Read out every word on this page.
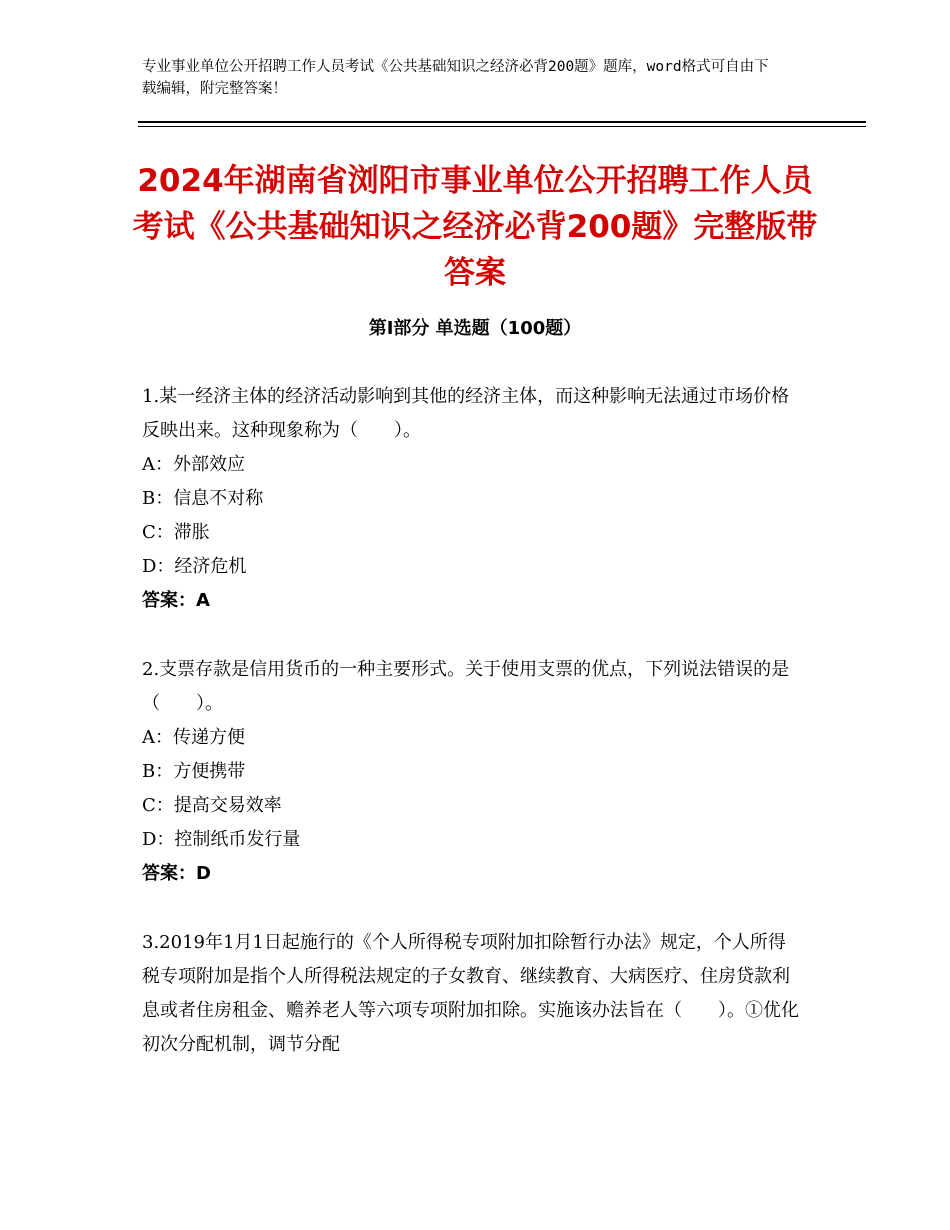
专业事业单位公开招聘工作人员考试《公共基础知识之经济必背200题》题库，word格式可自由下载编辑，附完整答案！

2024年湖南省浏阳市事业单位公开招聘工作人员考试《公共基础知识之经济必背200题》完整版带答案
第I部分 单选题（100题）

1.某一经济主体的经济活动影响到其他的经济主体，而这种影响无法通过市场价格反映出来。这种现象称为（　　）。

A：外部效应
B：信息不对称
C：滞胀
D：经济危机

答案：A

2.支票存款是信用货币的一种主要形式。关于使用支票的优点，下列说法错误的是（　　）。

A：传递方便
B：方便携带
C：提高交易效率
D：控制纸币发行量

答案：D

3.2019年1月1日起施行的《个人所得税专项附加扣除暂行办法》规定，个人所得税专项附加是指个人所得税法规定的子女教育、继续教育、大病医疗、住房贷款利息或者住房租金、赡养老人等六项专项附加扣除。实施该办法旨在（　　）。①优化初次分配机制，调节分配
